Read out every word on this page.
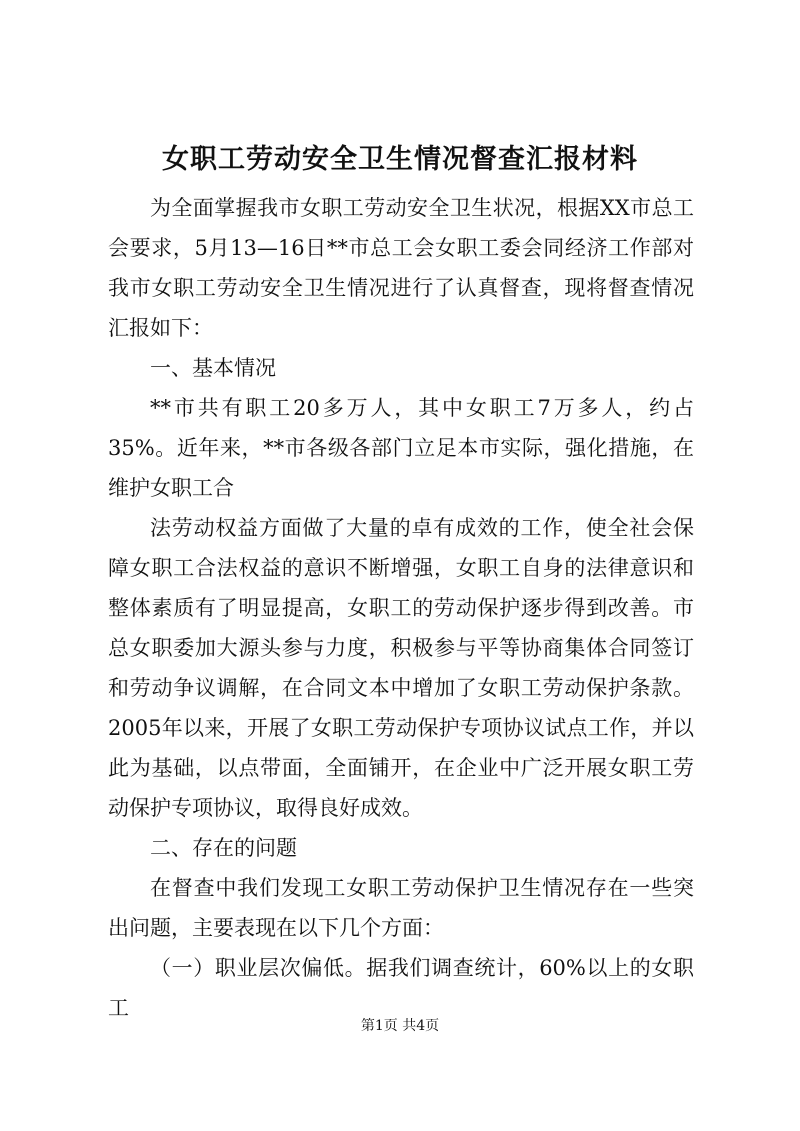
女职工劳动安全卫生情况督查汇报材料

为全面掌握我市女职工劳动安全卫生状况，根据XX市总工会要求，5月13—16日**市总工会女职工委会同经济工作部对我市女职工劳动安全卫生情况进行了认真督查，现将督查情况汇报如下：

一、基本情况

**市共有职工20多万人，其中女职工7万多人，约占35%。近年来，**市各级各部门立足本市实际，强化措施，在维护女职工合

法劳动权益方面做了大量的卓有成效的工作，使全社会保障女职工合法权益的意识不断增强，女职工自身的法律意识和整体素质有了明显提高，女职工的劳动保护逐步得到改善。市总女职委加大源头参与力度，积极参与平等协商集体合同签订和劳动争议调解，在合同文本中增加了女职工劳动保护条款。2005年以来，开展了女职工劳动保护专项协议试点工作，并以此为基础，以点带面，全面铺开，在企业中广泛开展女职工劳动保护专项协议，取得良好成效。

二、存在的问题

在督查中我们发现工女职工劳动保护卫生情况存在一些突出问题，主要表现在以下几个方面：

（一）职业层次偏低。据我们调查统计，60%以上的女职工

第1页 共4页
